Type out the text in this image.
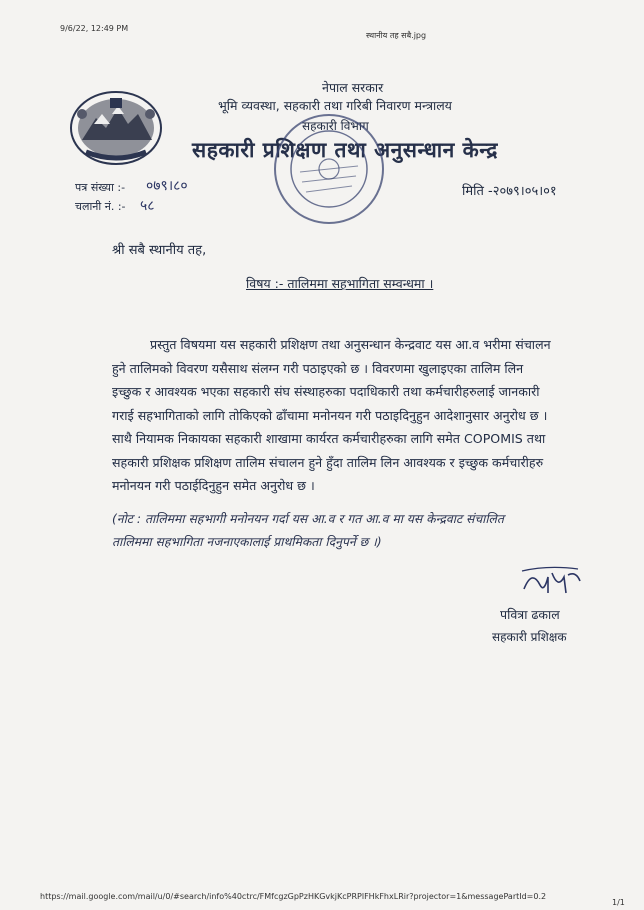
9/6/22, 12:49 PM
स्थानीय तह सबै.jpg
नेपाल सरकार
भूमि व्यवस्था, सहकारी तथा गरिबी निवारण मन्त्रालय
सहकारी विभाग
सहकारी प्रशिक्षण तथा अनुसन्धान केन्द्र
पत्र संख्या :- ०७९।८०
चलानी नं. :- ५८
मिति -२०७९।०५।०१
श्री सबै स्थानीय तह,
विषय :- तालिममा सहभागिता सम्वन्धमा ।
प्रस्तुत विषयमा यस सहकारी प्रशिक्षण तथा अनुसन्धान केन्द्रवाट यस आ.व भरीमा संचालन
हुने तालिमको विवरण यसैसाथ संलग्न गरी पठाइएको छ । विवरणमा खुलाइएका तालिम लिन
इच्छुक र आवश्यक भएका सहकारी संघ संस्थाहरुका पदाधिकारी तथा कर्मचारीहरुलाई जानकारी
गराई सहभागिताको लागि तोकिएको ढाँचामा मनोनयन गरी पठाइदिनुहुन आदेशानुसार अनुरोध छ ।
साथै नियामक निकायका सहकारी शाखामा कार्यरत कर्मचारीहरुका लागि समेत COPOMIS तथा
सहकारी प्रशिक्षक प्रशिक्षण तालिम संचालन हुने हुँदा तालिम लिन आवश्यक र इच्छुक कर्मचारीहरु
मनोनयन गरी पठाईदिनुहुन समेत अनुरोध छ ।
(नोट : तालिममा सहभागी मनोनयन गर्दा यस आ.व र गत आ.व मा यस केन्द्रवाट संचालित
तालिममा सहभागिता नजनाएकालाई प्राथमिकता दिनुपर्ने छ ।)
पवित्रा ढकाल
सहकारी प्रशिक्षक
https://mail.google.com/mail/u/0/#search/info%40ctrc/FMfcgzGpPzHKGvkjKcPRPlFHkFhxLRir?projector=1&messagePartId=0.2
1/1
